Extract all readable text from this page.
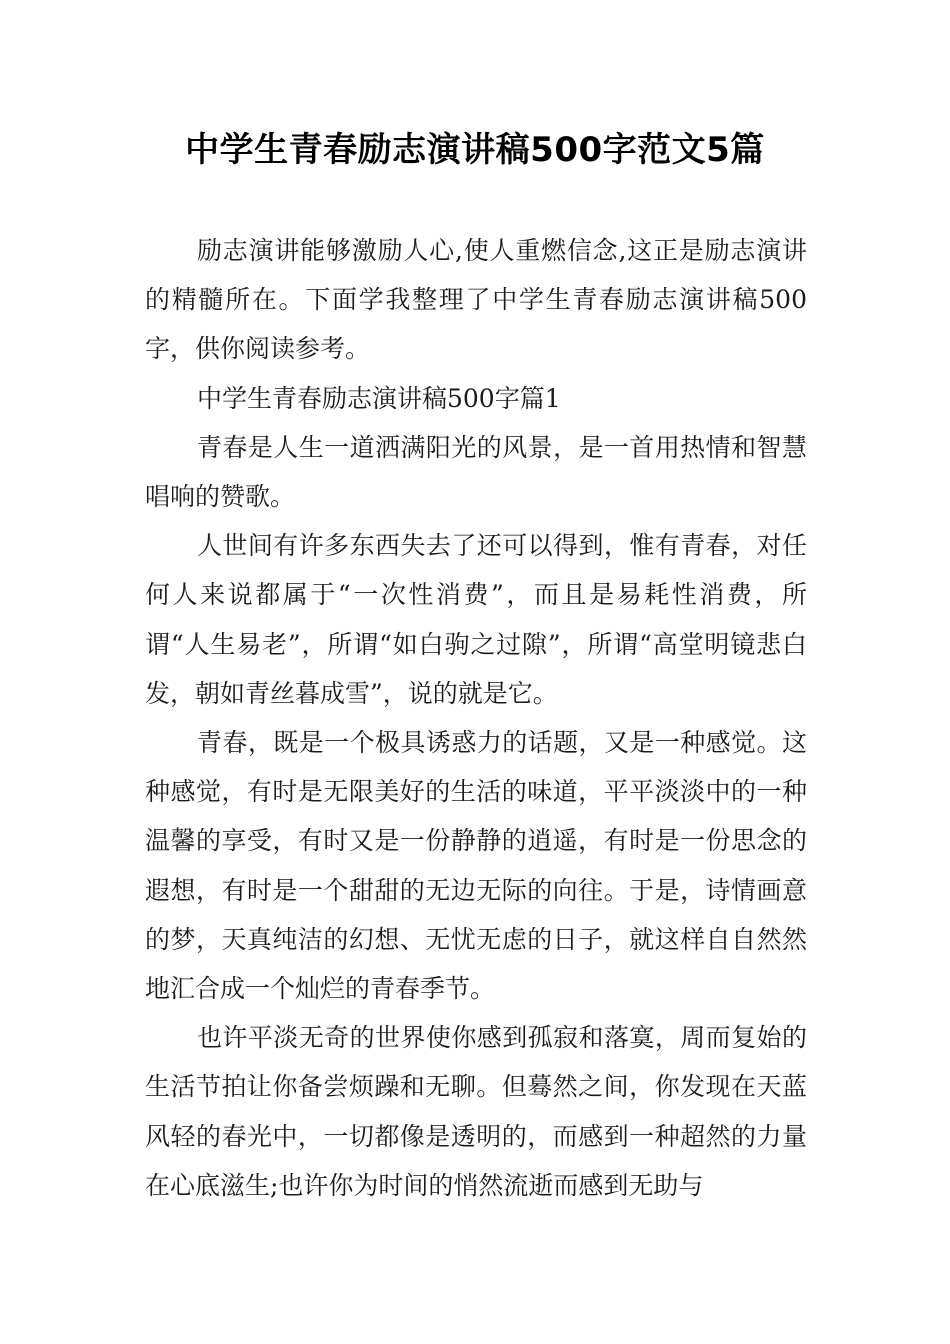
中学生青春励志演讲稿500字范文5篇

励志演讲能够激励人心,使人重燃信念,这正是励志演讲的精髓所在。下面学我整理了中学生青春励志演讲稿500字，供你阅读参考。

中学生青春励志演讲稿500字篇1

青春是人生一道洒满阳光的风景，是一首用热情和智慧唱响的赞歌。

人世间有许多东西失去了还可以得到，惟有青春，对任何人来说都属于“一次性消费”，而且是易耗性消费，所谓“人生易老”，所谓“如白驹之过隙”，所谓“高堂明镜悲白发，朝如青丝暮成雪”，说的就是它。

青春，既是一个极具诱惑力的话题，又是一种感觉。这种感觉，有时是无限美好的生活的味道，平平淡淡中的一种温馨的享受，有时又是一份静静的逍遥，有时是一份思念的遐想，有时是一个甜甜的无边无际的向往。于是，诗情画意的梦，天真纯洁的幻想、无忧无虑的日子，就这样自自然然地汇合成一个灿烂的青春季节。

也许平淡无奇的世界使你感到孤寂和落寞，周而复始的生活节拍让你备尝烦躁和无聊。但蓦然之间，你发现在天蓝风轻的春光中，一切都像是透明的，而感到一种超然的力量在心底滋生;也许你为时间的悄然流逝而感到无助与
